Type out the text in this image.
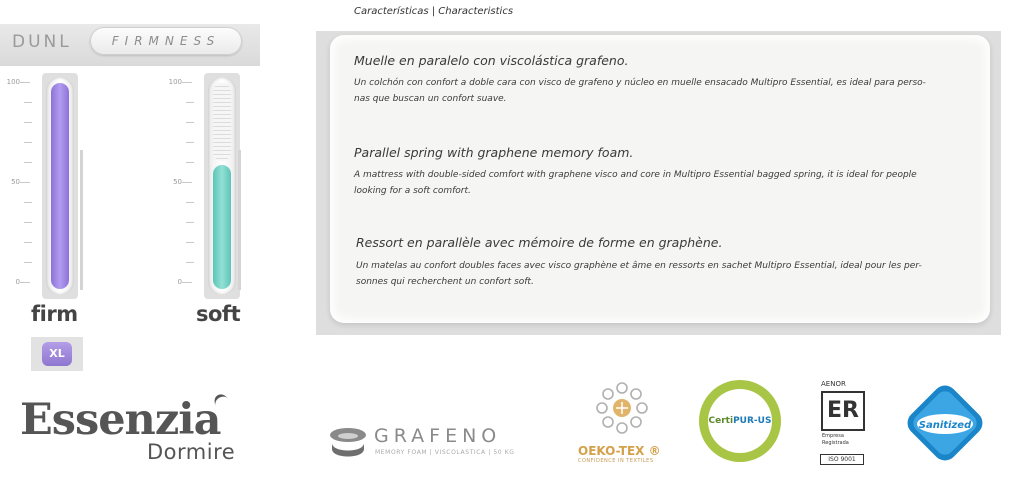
DUNL	FIRMNESS
100
50
0
firm
XL
100
50
0
soft
Essenzia
Dormire
Características | Characteristics
Muelle en paralelo con viscolástica grafeno.
Un colchón con confort a doble cara con visco de grafeno y núcleo en muelle ensacado Multipro Essential, es ideal para perso-
nas que buscan un confort suave.
Parallel spring with graphene memory foam.
A mattress with double-sided comfort with graphene visco and core in Multipro Essential bagged spring, it is ideal for people
looking for a soft comfort.
Ressort en parallèle avec mémoire de forme en graphène.
Un matelas au confort doubles faces avec visco graphène et âme en ressorts en sachet Multipro Essential, ideal pour les per-
sonnes qui recherchent un confort soft.
GRAFENO
MEMORY FOAM | VISCOLASTICA | 50 KG	OEKO-TEX ®
CONFIDENCE IN TEXTILES
CertiPUR-US
AENOR
ER
Empresa
Registrada
ISO 9001
Sanitized
